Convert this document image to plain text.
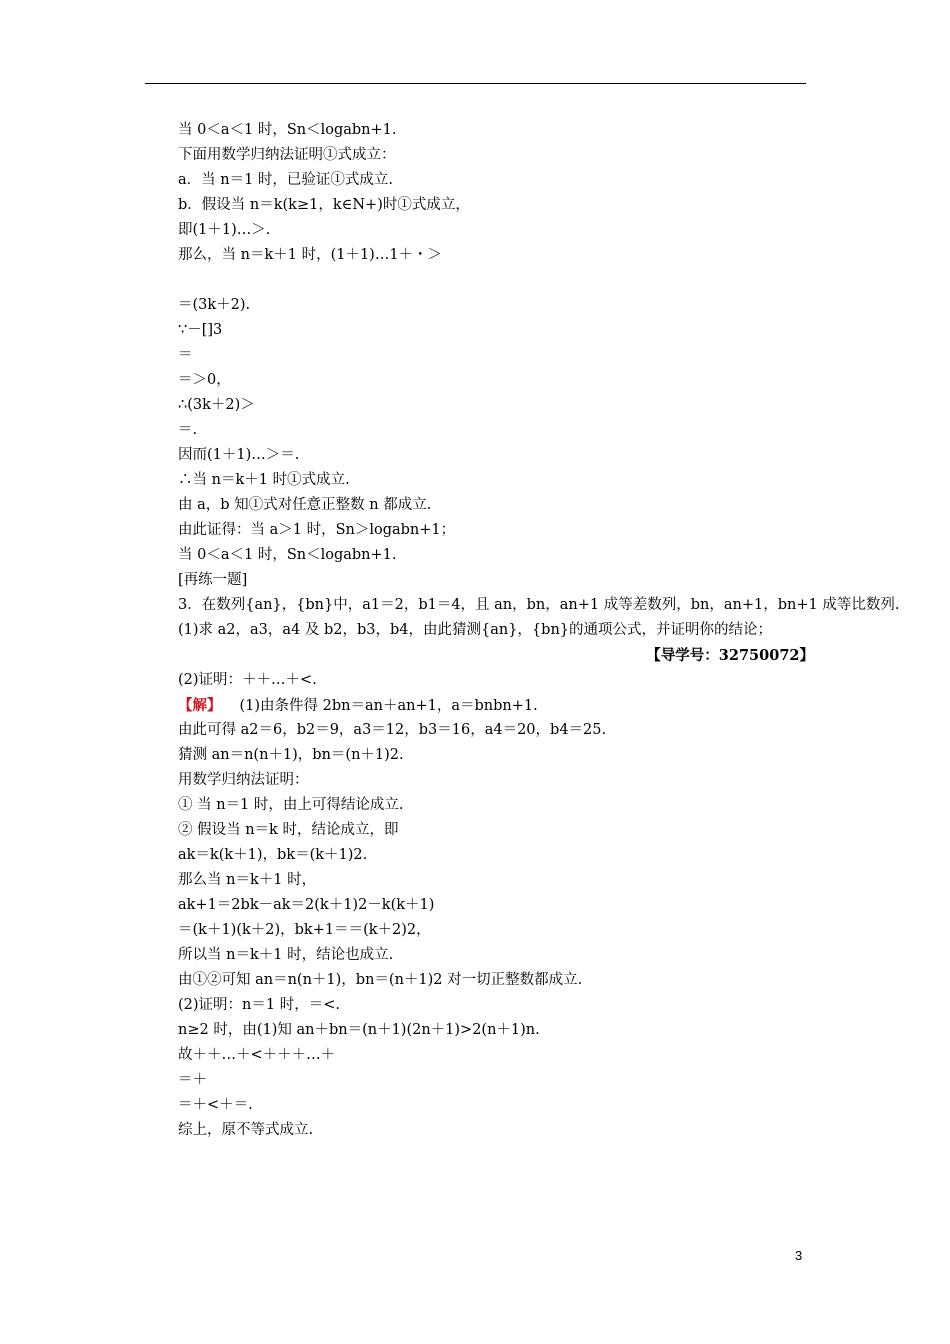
当 0＜a＜1 时，Sn＜logabn+1.
下面用数学归纳法证明①式成立：
a．当 n＝1 时，已验证①式成立.
b．假设当 n＝k(k≥1，k∈N+)时①式成立，
即(1＋1)…＞.
那么，当 n＝k＋1 时，(1＋1)…1＋・＞
＝(3k＋2).
∵－[]3
＝
＝＞0，
∴(3k＋2)＞
＝.
因而(1＋1)…＞＝.
∴当 n＝k＋1 时①式成立.
由 a，b 知①式对任意正整数 n 都成立.
由此证得：当 a＞1 时，Sn＞logabn+1；
当 0＜a＜1 时，Sn＜logabn+1.
[再练一题]
3．在数列{an}，{bn}中，a1＝2，b1＝4，且 an，bn，an+1 成等差数列，bn，an+1，bn+1 成等比数列.
(1)求 a2，a3，a4 及 b2，b3，b4，由此猜测{an}，{bn}的通项公式，并证明你的结论；
【导学号：32750072】
(2)证明：＋＋…＋<.
【解】 (1)由条件得 2bn＝an＋an+1，a＝bnbn+1.
由此可得 a2＝6，b2＝9，a3＝12，b3＝16，a4＝20，b4＝25.
猜测 an＝n(n＋1)，bn＝(n＋1)2.
用数学归纳法证明：
① 当 n＝1 时，由上可得结论成立.
② 假设当 n＝k 时，结论成立，即
ak＝k(k＋1)，bk＝(k＋1)2.
那么当 n＝k＋1 时，
ak+1＝2bk－ak＝2(k＋1)2－k(k＋1)
＝(k＋1)(k＋2)，bk+1＝＝(k＋2)2，
所以当 n＝k＋1 时，结论也成立.
由①②可知 an＝n(n＋1)，bn＝(n＋1)2 对一切正整数都成立.
(2)证明：n＝1 时，＝<.
n≥2 时，由(1)知 an＋bn＝(n＋1)(2n＋1)>2(n＋1)n.
故＋＋…＋<＋＋＋…＋
＝＋
＝＋<＋＝.
综上，原不等式成立.
3
